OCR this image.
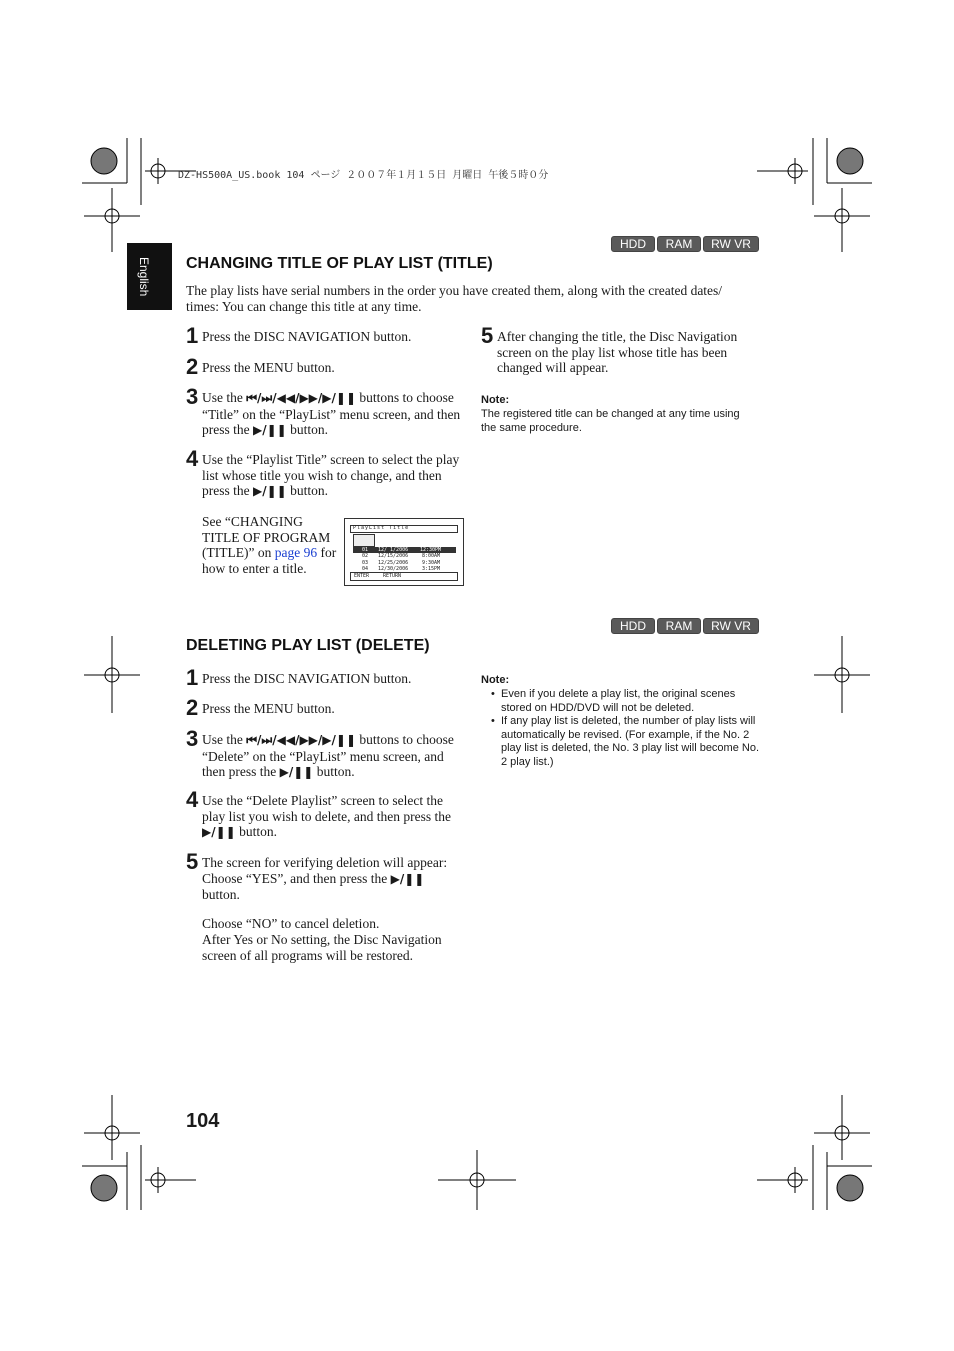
DZ-HS500A_US.book 104 ページ ２００７年１月１５日 月曜日 午後５時０分
English
HDD	RAM	RW VR
CHANGING TITLE OF PLAY LIST (TITLE)
The play lists have serial numbers in the order you have created them, along with the created dates/ times: You can change this title at any time.
1 Press the DISC NAVIGATION button.
2 Press the MENU button.
3 Use the ⏮/⏭/◀◀/▶▶/▶/❚❚ buttons to choose “Title” on the “PlayList” menu screen, and then press the ▶/❚❚ button.
4 Use the “Playlist Title” screen to select the play list whose title you wish to change, and then press the ▶/❚❚ button.
See “CHANGING TITLE OF PROGRAM (TITLE)” on page 96 for how to enter a title.
PlayList Title
01 12/ 1/2006 12:30PM
02 12/15/2006	8:00AM
03 12/25/2006	9:30AM
04 12/30/2006	3:15PM
ENTER	RETURN
5 After changing the title, the Disc Navigation screen on the play list whose title has been changed will appear.
Note:
The registered title can be changed at any time using the same procedure.
HDD	RAM	RW VR
DELETING PLAY LIST (DELETE)
1 Press the DISC NAVIGATION button.
2 Press the MENU button.
3 Use the ⏮/⏭/◀◀/▶▶/▶/❚❚ buttons to choose “Delete” on the “PlayList” menu screen, and then press the ▶/❚❚ button.
4 Use the “Delete Playlist” screen to select the play list you wish to delete, and then press the ▶/❚❚ button.
5 The screen for verifying deletion will appear: Choose “YES”, and then press the ▶/❚❚ button.
Choose “NO” to cancel deletion.
After Yes or No setting, the Disc Navigation screen of all programs will be restored.
Note:
• Even if you delete a play list, the original scenes stored on HDD/DVD will not be deleted.
• If any play list is deleted, the number of play lists will automatically be revised. (For example, if the No. 2 play list is deleted, the No. 3 play list will become No. 2 play list.)
104
